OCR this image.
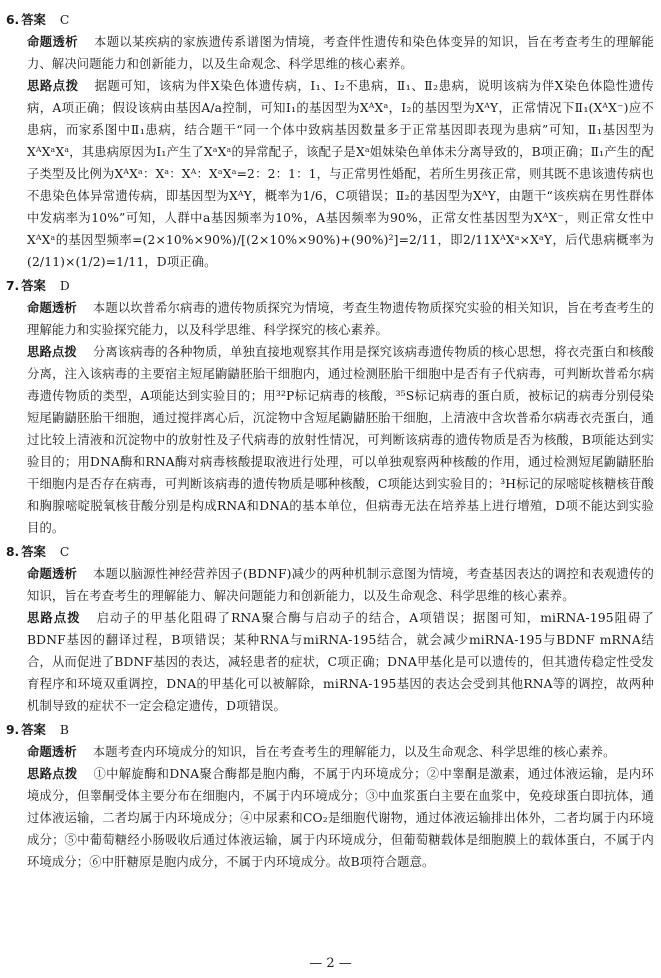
6. 答案 C
命题透析 本题以某疾病的家族遗传系谱图为情境，考查伴性遗传和染色体变异的知识，旨在考查考生的理解能力、解决问题能力和创新能力，以及生命观念、科学思维的核心素养。
思路点拨 据题可知，该病为伴X染色体遗传病，Ⅰ₁、Ⅰ₂不患病，Ⅱ₁、Ⅱ₂患病，说明该病为伴X染色体隐性遗传病，A项正确；假设该病由基因A/a控制，可知Ⅰ₁的基因型为XᴬXᵃ，Ⅰ₂的基因型为XᴬY，正常情况下Ⅱ₁(XᴬX⁻)应不患病，而家系图中Ⅱ₁患病，结合题干“同一个体中致病基因数量多于正常基因即表现为患病”可知，Ⅱ₁基因型为XᴬXᵃXᵃ，其患病原因为Ⅰ₁产生了XᵃXᵃ的异常配子，该配子是Xᵃ姐妹染色单体未分离导致的，B项正确；Ⅱ₁产生的配子类型及比例为XᴬXᵃ：Xᵃ：Xᴬ：XᵃXᵃ=2：2：1：1，与正常男性婚配，若所生男孩正常，则其既不患该遗传病也不患染色体异常遗传病，即基因型为XᴬY，概率为1/6，C项错误；Ⅱ₂的基因型为XᴬY，由题干“该疾病在男性群体中发病率为10%”可知，人群中a基因频率为10%，A基因频率为90%，正常女性基因型为XᴬX⁻，则正常女性中XᴬXᵃ的基因型频率=(2×10%×90%)/[(2×10%×90%)+(90%)²]=2/11，即2/11XᴬXᵃ×XᵃY，后代患病概率为(2/11)×(1/2)=1/11，D项正确。
7. 答案 D
命题透析 本题以坎普希尔病毒的遗传物质探究为情境，考查生物遗传物质探究实验的相关知识，旨在考查考生的理解能力和实验探究能力，以及科学思维、科学探究的核心素养。
思路点拨 分离该病毒的各种物质，单独直接地观察其作用是探究该病毒遗传物质的核心思想，将衣壳蛋白和核酸分离，注入该病毒的主要宿主短尾鼩鼱胚胎干细胞内，通过检测胚胎干细胞中是否有子代病毒，可判断坎普希尔病毒遗传物质的类型，A项能达到实验目的；用³²P标记病毒的核酸，³⁵S标记病毒的蛋白质，被标记的病毒分别侵染短尾鼩鼱胚胎干细胞，通过搅拌离心后，沉淀物中含短尾鼩鼱胚胎干细胞，上清液中含坎普希尔病毒衣壳蛋白，通过比较上清液和沉淀物中的放射性及子代病毒的放射性情况，可判断该病毒的遗传物质是否为核酸，B项能达到实验目的；用DNA酶和RNA酶对病毒核酸提取液进行处理，可以单独观察两种核酸的作用，通过检测短尾鼩鼱胚胎干细胞内是否存在病毒，可判断该病毒的遗传物质是哪种核酸，C项能达到实验目的；³H标记的尿嘧啶核糖核苷酸和胸腺嘧啶脱氧核苷酸分别是构成RNA和DNA的基本单位，但病毒无法在培养基上进行增殖，D项不能达到实验目的。
8. 答案 C
命题透析 本题以脑源性神经营养因子(BDNF)减少的两种机制示意图为情境，考查基因表达的调控和表观遗传的知识，旨在考查考生的理解能力、解决问题能力和创新能力，以及生命观念、科学思维的核心素养。
思路点拨 启动子的甲基化阻碍了RNA聚合酶与启动子的结合，A项错误；据图可知，miRNA-195阻碍了BDNF基因的翻译过程，B项错误；某种RNA与miRNA-195结合，就会减少miRNA-195与BDNF mRNA结合，从而促进了BDNF基因的表达，减轻患者的症状，C项正确；DNA甲基化是可以遗传的，但其遗传稳定性受发育程序和环境双重调控，DNA的甲基化可以被解除，miRNA-195基因的表达会受到其他RNA等的调控，故两种机制导致的症状不一定会稳定遗传，D项错误。
9. 答案 B
命题透析 本题考查内环境成分的知识，旨在考查考生的理解能力，以及生命观念、科学思维的核心素养。
思路点拨 ①中解旋酶和DNA聚合酶都是胞内酶，不属于内环境成分；②中睾酮是激素，通过体液运输，是内环境成分，但睾酮受体主要分布在细胞内，不属于内环境成分；③中血浆蛋白主要在血浆中，免疫球蛋白即抗体，通过体液运输，二者均属于内环境成分；④中尿素和CO₂是细胞代谢物，通过体液运输排出体外，二者均属于内环境成分；⑤中葡萄糖经小肠吸收后通过体液运输，属于内环境成分，但葡萄糖载体是细胞膜上的载体蛋白，不属于内环境成分；⑥中肝糖原是胞内成分，不属于内环境成分。故B项符合题意。
— 2 —
